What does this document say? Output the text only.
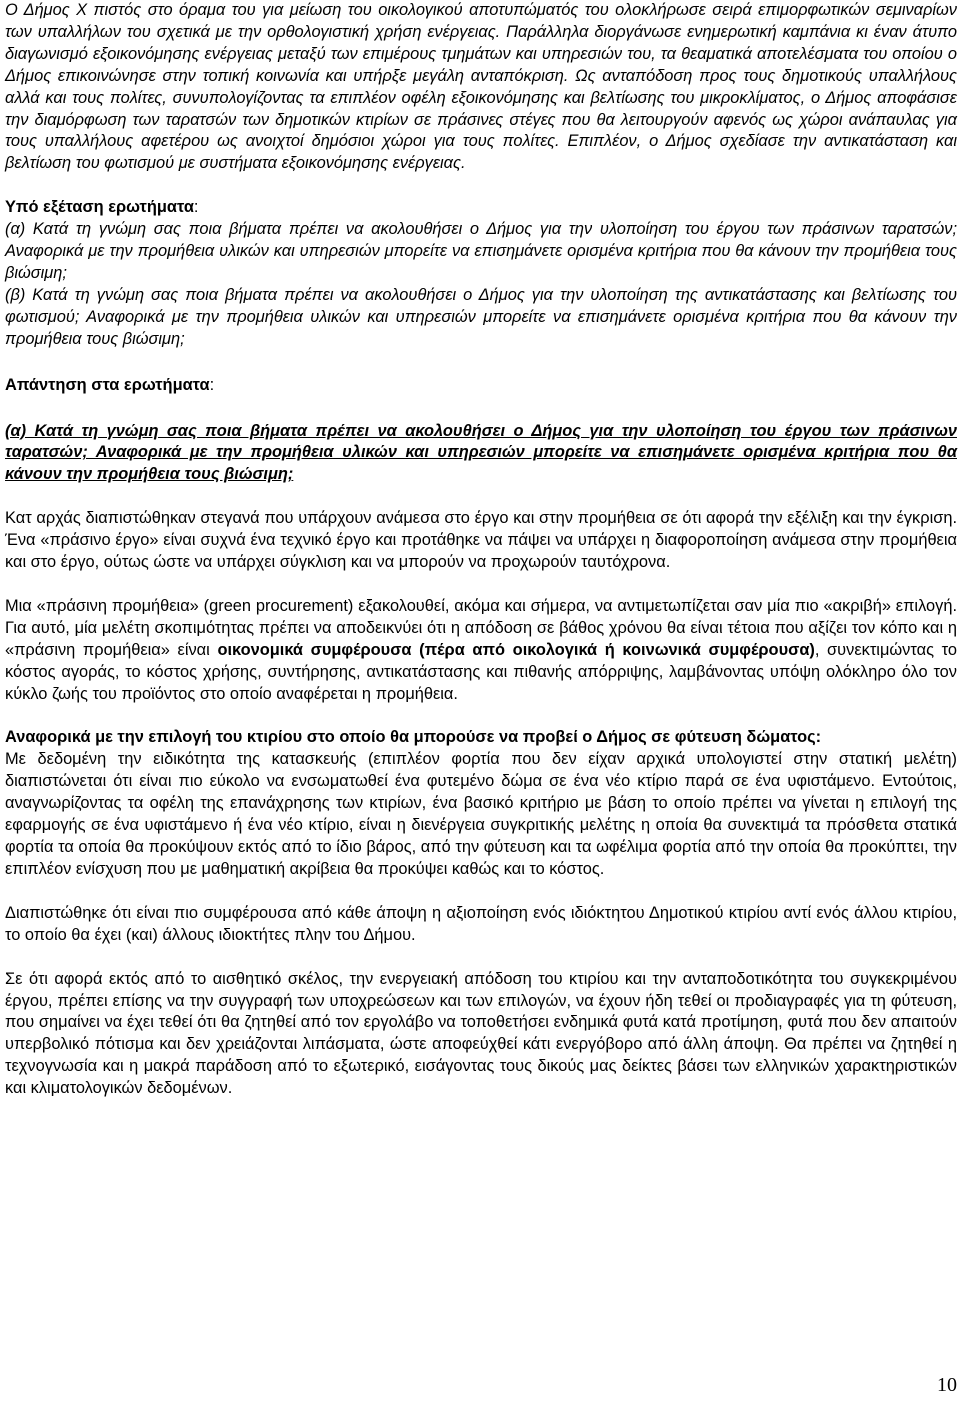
Ο Δήμος Χ πιστός στο όραμα του για μείωση του οικολογικού αποτυπώματός του ολοκλήρωσε σειρά επιμορφωτικών σεμιναρίων των υπαλλήλων του σχετικά με την ορθολογιστική χρήση ενέργειας. Παράλληλα διοργάνωσε ενημερωτική καμπάνια κι έναν άτυπο διαγωνισμό εξοικονόμησης ενέργειας μεταξύ των επιμέρους τμημάτων και υπηρεσιών του, τα θεαματικά αποτελέσματα του οποίου ο Δήμος επικοινώνησε στην τοπική κοινωνία και υπήρξε μεγάλη ανταπόκριση. Ως ανταπόδοση προς τους δημοτικούς υπαλλήλους αλλά και τους πολίτες, συνυπολογίζοντας τα επιπλέον οφέλη εξοικονόμησης και βελτίωσης του μικροκλίματος, ο Δήμος αποφάσισε την διαμόρφωση των ταρατσών των δημοτικών κτιρίων σε πράσινες στέγες που θα λειτουργούν αφενός ως χώροι ανάπαυλας για τους υπαλλήλους αφετέρου ως ανοιχτοί δημόσιοι χώροι για τους πολίτες. Επιπλέον, ο Δήμος σχεδίασε την αντικατάσταση και βελτίωση του φωτισμού με συστήματα εξοικονόμησης ενέργειας.

Υπό εξέταση ερωτήματα:

(α) Κατά τη γνώμη σας ποια βήματα πρέπει να ακολουθήσει ο Δήμος για την υλοποίηση του έργου των πράσινων ταρατσών; Αναφορικά με την προμήθεια υλικών και υπηρεσιών μπορείτε να επισημάνετε ορισμένα κριτήρια που θα κάνουν την προμήθεια τους βιώσιμη;

(β) Κατά τη γνώμη σας ποια βήματα πρέπει να ακολουθήσει ο Δήμος για την υλοποίηση της αντικατάστασης και βελτίωσης του φωτισμού; Αναφορικά με την προμήθεια υλικών και υπηρεσιών μπορείτε να επισημάνετε ορισμένα κριτήρια που θα κάνουν την προμήθεια τους βιώσιμη;

Απάντηση στα ερωτήματα:

(α) Κατά τη γνώμη σας ποια βήματα πρέπει να ακολουθήσει ο Δήμος για την υλοποίηση του έργου των πράσινων ταρατσών; Αναφορικά με την προμήθεια υλικών και υπηρεσιών μπορείτε να επισημάνετε ορισμένα κριτήρια που θα κάνουν την προμήθεια τους βιώσιμη;

Κατ αρχάς διαπιστώθηκαν στεγανά που υπάρχουν ανάμεσα στο έργο και στην προμήθεια σε ότι αφορά την εξέλιξη και την έγκριση. Ένα «πράσινο έργο» είναι συχνά ένα τεχνικό έργο και προτάθηκε να πάψει να υπάρχει η διαφοροποίηση ανάμεσα στην προμήθεια και στο έργο, ούτως ώστε να υπάρχει σύγκλιση και να μπορούν να προχωρούν ταυτόχρονα.

Μια «πράσινη προμήθεια» (green procurement) εξακολουθεί, ακόμα και σήμερα, να αντιμετωπίζεται σαν μία πιο «ακριβή» επιλογή. Για αυτό, μία μελέτη σκοπιμότητας πρέπει να αποδεικνύει ότι η απόδοση σε βάθος χρόνου θα είναι τέτοια που αξίζει τον κόπο και η «πράσινη προμήθεια» είναι οικονομικά συμφέρουσα (πέρα από οικολογικά ή κοινωνικά συμφέρουσα), συνεκτιμώντας το κόστος αγοράς, το κόστος χρήσης, συντήρησης, αντικατάστασης και πιθανής απόρριψης, λαμβάνοντας υπόψη ολόκληρο όλο τον κύκλο ζωής του προϊόντος στο οποίο αναφέρεται η προμήθεια.

Αναφορικά με την επιλογή του κτιρίου στο οποίο θα μπορούσε να προβεί ο Δήμος σε φύτευση δώματος:

Με δεδομένη την ειδικότητα της κατασκευής (επιπλέον φορτία που δεν είχαν αρχικά υπολογιστεί στην στατική μελέτη) διαπιστώνεται ότι είναι πιο εύκολο να ενσωματωθεί ένα φυτεμένο δώμα σε ένα νέο κτίριο παρά σε ένα υφιστάμενο. Εντούτοις, αναγνωρίζοντας τα οφέλη της επανάχρησης των κτιρίων, ένα βασικό κριτήριο με βάση το οποίο πρέπει να γίνεται η επιλογή της εφαρμογής σε ένα υφιστάμενο ή ένα νέο κτίριο, είναι η διενέργεια συγκριτικής μελέτης η οποία θα συνεκτιμά τα πρόσθετα στατικά φορτία τα οποία θα προκύψουν εκτός από το ίδιο βάρος, από την φύτευση και τα ωφέλιμα φορτία από την οποία θα προκύπτει, την επιπλέον ενίσχυση που με μαθηματική ακρίβεια θα προκύψει καθώς και το κόστος.

Διαπιστώθηκε ότι είναι πιο συμφέρουσα από κάθε άποψη η αξιοποίηση ενός ιδιόκτητου Δημοτικού κτιρίου αντί ενός άλλου κτιρίου, το οποίο θα έχει (και) άλλους ιδιοκτήτες πλην του Δήμου.

Σε ότι αφορά εκτός από το αισθητικό σκέλος, την ενεργειακή απόδοση του κτιρίου και την ανταποδοτικότητα του συγκεκριμένου έργου, πρέπει επίσης να την συγγραφή των υποχρεώσεων και των επιλογών, να έχουν ήδη τεθεί οι προδιαγραφές για τη φύτευση, που σημαίνει να έχει τεθεί ότι θα ζητηθεί από τον εργολάβο να τοποθετήσει ενδημικά φυτά κατά προτίμηση, φυτά που δεν απαιτούν υπερβολικό πότισμα και δεν χρειάζονται λιπάσματα, ώστε αποφεύχθεί κάτι ενεργόβορο από άλλη άποψη. Θα πρέπει να ζητηθεί η τεχνογνωσία και η μακρά παράδοση από το εξωτερικό, εισάγοντας τους δικούς μας δείκτες βάσει των ελληνικών χαρακτηριστικών και κλιματολογικών δεδομένων.

10
